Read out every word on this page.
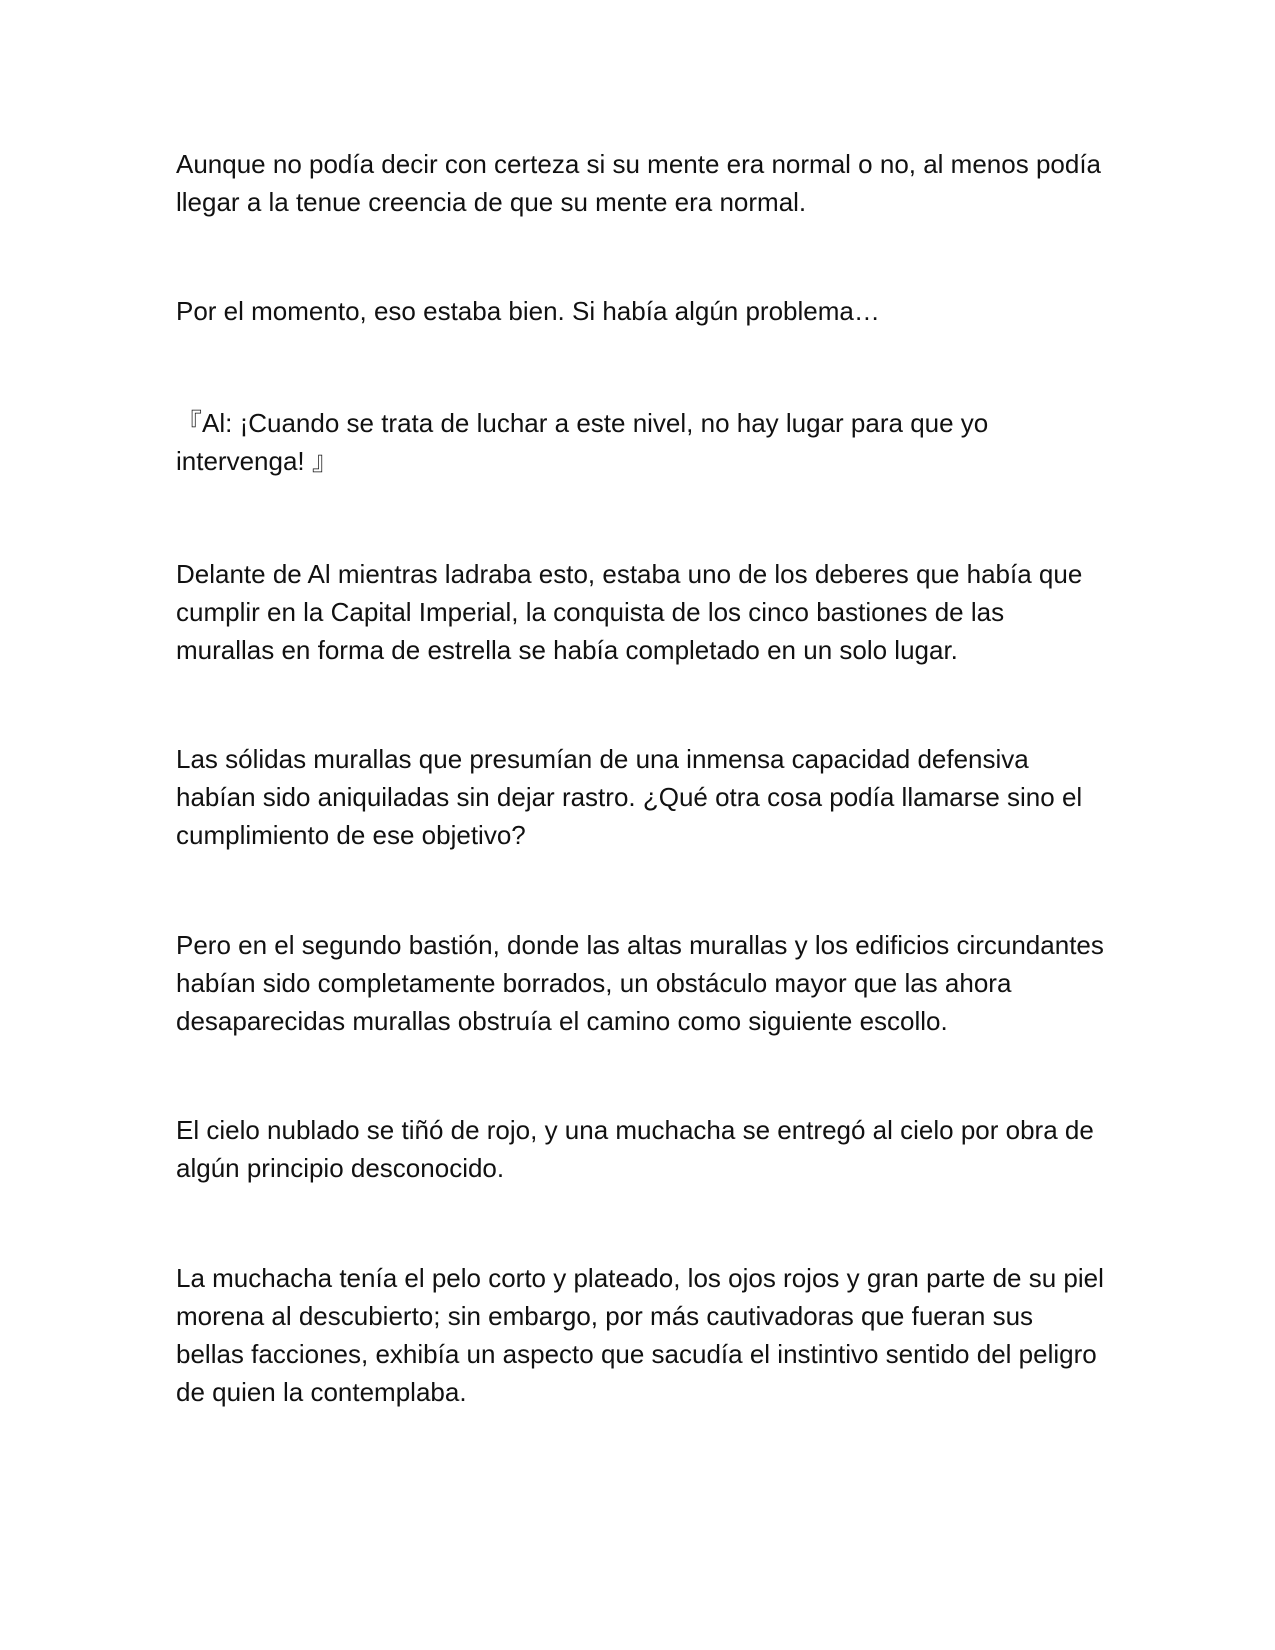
Aunque no podía decir con certeza si su mente era normal o no, al menos podía llegar a la tenue creencia de que su mente era normal.

Por el momento, eso estaba bien. Si había algún problema…

『Al: ¡Cuando se trata de luchar a este nivel, no hay lugar para que yo intervenga! 』

Delante de Al mientras ladraba esto, estaba uno de los deberes que había que cumplir en la Capital Imperial, la conquista de los cinco bastiones de las murallas en forma de estrella se había completado en un solo lugar.

Las sólidas murallas que presumían de una inmensa capacidad defensiva habían sido aniquiladas sin dejar rastro. ¿Qué otra cosa podía llamarse sino el cumplimiento de ese objetivo?

Pero en el segundo bastión, donde las altas murallas y los edificios circundantes habían sido completamente borrados, un obstáculo mayor que las ahora desaparecidas murallas obstruía el camino como siguiente escollo.

El cielo nublado se tiñó de rojo, y una muchacha se entregó al cielo por obra de algún principio desconocido.

La muchacha tenía el pelo corto y plateado, los ojos rojos y gran parte de su piel morena al descubierto; sin embargo, por más cautivadoras que fueran sus bellas facciones, exhibía un aspecto que sacudía el instintivo sentido del peligro de quien la contemplaba.
